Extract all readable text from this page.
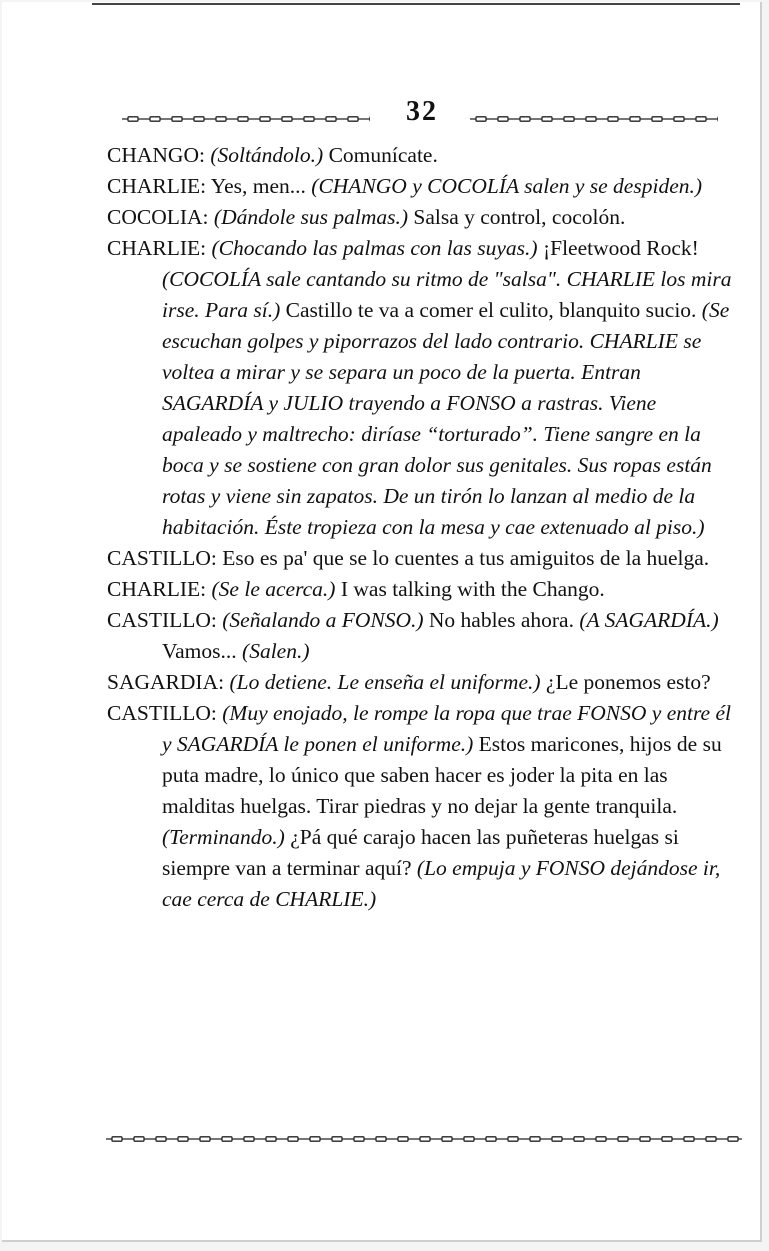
32

CHANGO: (Soltándolo.) Comunícate.

CHARLIE: Yes, men... (CHANGO y COCOLÍA salen y se despiden.)

COCOLIA: (Dándole sus palmas.) Salsa y control, cocolón.

CHARLIE: (Chocando las palmas con las suyas.) ¡Fleetwood Rock! (COCOLÍA sale cantando su ritmo de "salsa". CHARLIE los mira irse. Para sí.) Castillo te va a comer el culito, blanquito sucio. (Se escuchan golpes y piporrazos del lado contrario. CHARLIE se voltea a mirar y se separa un poco de la puerta. Entran SAGARDÍA y JULIO trayendo a FONSO a rastras. Viene apaleado y maltrecho: diríase “torturado”. Tiene sangre en la boca y se sostiene con gran dolor sus genitales. Sus ropas están rotas y viene sin zapatos. De un tirón lo lanzan al medio de la habitación. Éste tropieza con la mesa y cae extenuado al piso.)

CASTILLO: Eso es pa' que se lo cuentes a tus amiguitos de la huelga.

CHARLIE: (Se le acerca.) I was talking with the Chango.

CASTILLO: (Señalando a FONSO.) No hables ahora. (A SAGARDÍA.) Vamos... (Salen.)

SAGARDIA: (Lo detiene. Le enseña el uniforme.) ¿Le ponemos esto?

CASTILLO: (Muy enojado, le rompe la ropa que trae FONSO y entre él y SAGARDÍA le ponen el uniforme.) Estos maricones, hijos de su puta madre, lo único que saben hacer es joder la pita en las malditas huelgas. Tirar piedras y no dejar la gente tranquila. (Terminando.) ¿Pá qué carajo hacen las puñeteras huelgas si siempre van a terminar aquí? (Lo empuja y FONSO dejándose ir, cae cerca de CHARLIE.)
